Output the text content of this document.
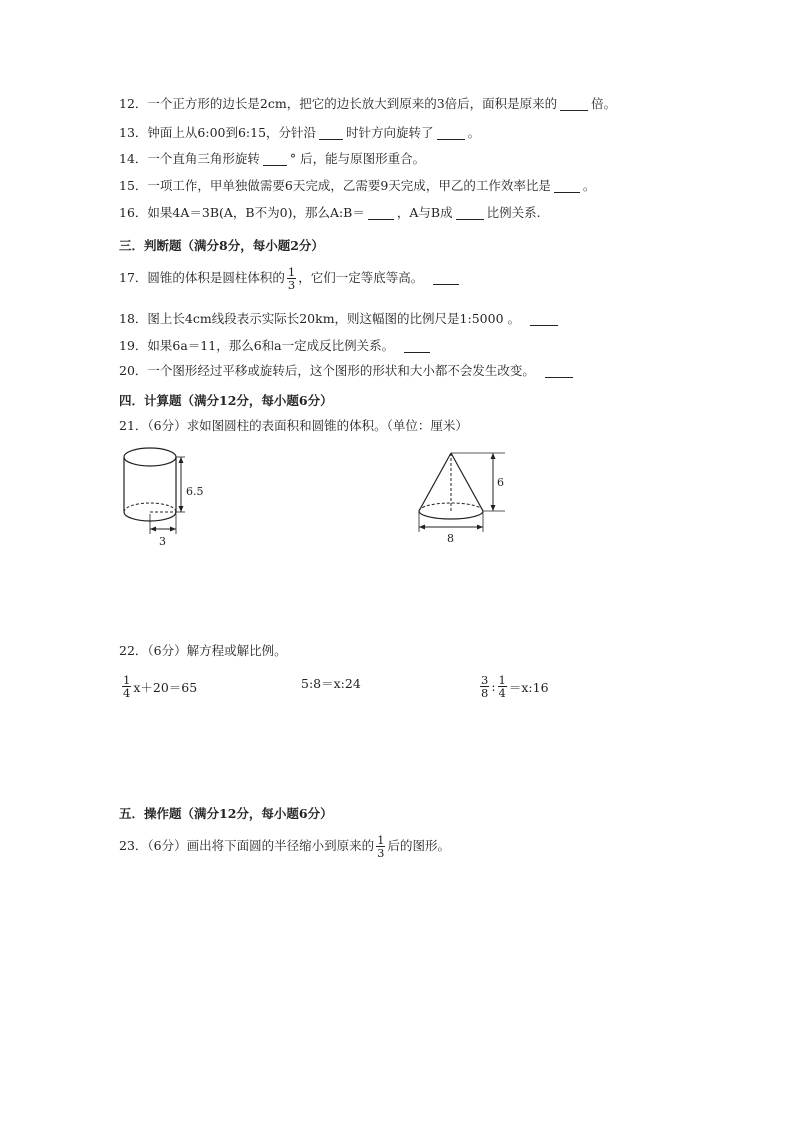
12．一个正方形的边长是2cm，把它的边长放大到原来的3倍后，面积是原来的	倍。
13．钟面上从6:00到6:15，分针沿 时针方向旋转了	。
14．一个直角三角形旋转 ° 后，能与原图形重合。
15．一项工作，甲单独做需要6天完成，乙需要9天完成，甲乙的工作效率比是	。
16．如果4A＝3B(A，B不为0)，那么A:B＝	，A与B成	比例关系.
三．判断题（满分8分，每小题2分）
17．圆锥的体积是圆柱体积的 $\frac{1}{3}$ ，它们一定等底等高。
18．图上长4cm线段表示实际长20km，则这幅图的比例尺是1:5000 。
19．如果6a＝11，那么6和a一定成反比例关系。
20．一个图形经过平移或旋转后，这个图形的形状和大小都不会发生改变。
四．计算题（满分12分，每小题6分）
21．（6分）求如图圆柱的表面积和圆锥的体积。（单位：厘米）
6.5
3
6
8
22．（6分）解方程或解比例。
$\frac{1}{4} x+20=65$	5:8＝x:24	$\frac{3}{8}$ : $\frac{1}{4}$ ＝x:16
五．操作题（满分12分，每小题6分）
23．（6分）画出将下面圆的半径缩小到原来的 $\frac{1}{3}$ 后的图形。
